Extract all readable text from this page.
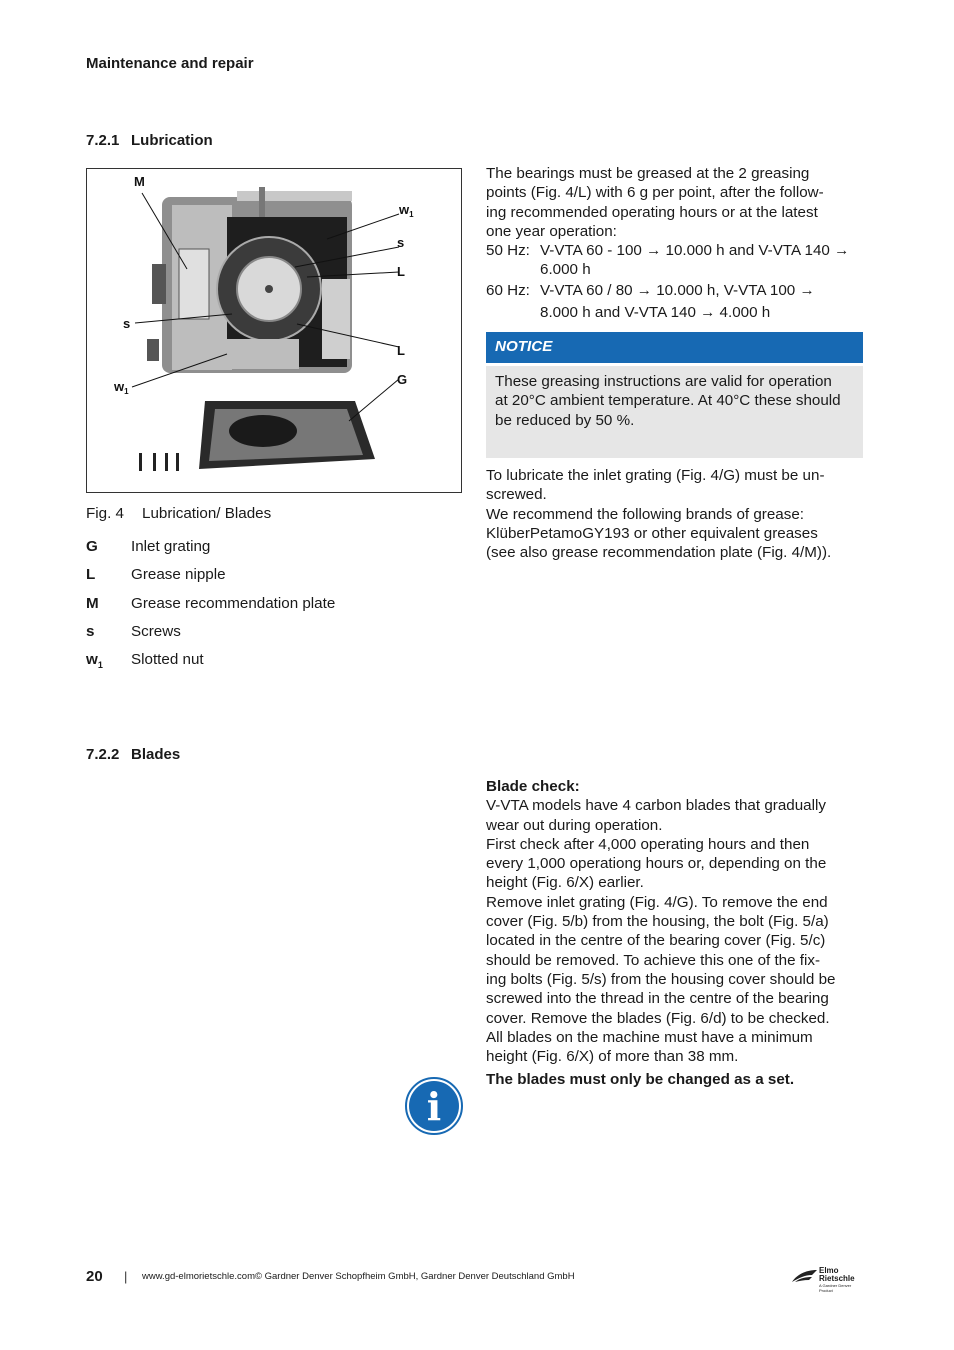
Maintenance and repair
7.2.1 Lubrication
M
$w_1$
s
L
s
L
$w_1$
G
Fig. 4 Lubrication/ Blades
G	Inlet grating
L	Grease nipple
M	Grease recommendation plate
s	Screws
$w_1$	Slotted nut
The bearings must be greased at the 2 greasing
points (Fig. 4/L) with 6 g per point, after the follow-
ing recommended operating hours or at the latest
one year operation:
50 Hz: V-VTA 60 - 100 → 10.000 h and V-VTA 140 →
6.000 h
60 Hz: V-VTA 60 / 80 → 10.000 h, V-VTA 100 →
8.000 h and V-VTA 140 → 4.000 h
NOTICE
These greasing instructions are valid for operation
at 20°C ambient temperature. At 40°C these should
be reduced by 50 %.
To lubricate the inlet grating (Fig. 4/G) must be un-
screwed.
We recommend the following brands of grease:
KlüberPetamoGY193 or other equivalent greases
(see also grease recommendation plate (Fig. 4/M)).
7.2.2 Blades
Blade check:
V-VTA models have 4 carbon blades that gradually
wear out during operation.
First check after 4,000 operating hours and then
every 1,000 operationg hours or, depending on the
height (Fig. 6/X) earlier.
Remove inlet grating (Fig. 4/G). To remove the end
cover (Fig. 5/b) from the housing, the bolt (Fig. 5/a)
located in the centre of the bearing cover (Fig. 5/c)
should be removed. To achieve this one of the fix-
ing bolts (Fig. 5/s) from the housing cover should be
screwed into the thread in the centre of the bearing
cover. Remove the blades (Fig. 6/d) to be checked.
All blades on the machine must have a minimum
height (Fig. 6/X) of more than 38 mm.
The blades must only be changed as a set.
i
20	|	www.gd-elmorietschle.com © Gardner Denver Schopfheim GmbH, Gardner Denver Deutschland GmbH
Elmo
Rietschle
A Gardner Denver Product
